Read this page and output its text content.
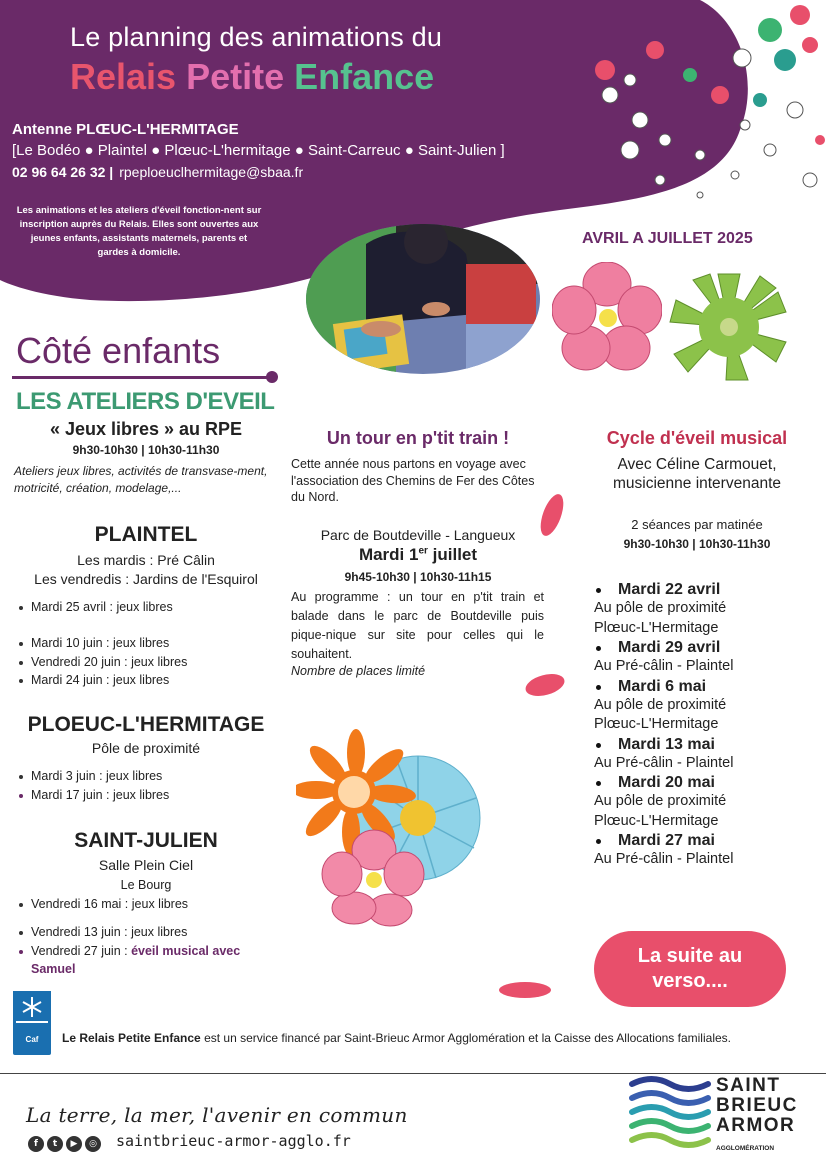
Le planning des animations du
Relais Petite Enfance
Antenne PLŒUC-L'HERMITAGE
[Le Bodéo ● Plaintel ● Plœuc-L'hermitage ● Saint-Carreuc ● Saint-Julien ]
02 96 64 26 32 | rpeploeuclhermitage@sbaa.fr
Les animations et les ateliers d'éveil fonction-nent sur inscription auprès du Relais. Elles sont ouvertes aux jeunes enfants, assistants maternels, parents et gardes à domicile.
AVRIL A JUILLET 2025
Côté enfants
LES ATELIERS D'EVEIL
« Jeux libres » au RPE
9h30-10h30 | 10h30-11h30
Ateliers jeux libres, activités de transvase-ment, motricité, création, modelage,...
PLAINTEL
Les mardis : Pré Câlin
Les vendredis : Jardins de l'Esquirol
Mardi 25 avril : jeux libres
Mardi 10 juin : jeux libres
Vendredi 20 juin : jeux libres
Mardi 24 juin : jeux libres
PLOEUC-L'HERMITAGE
Pôle de proximité
Mardi 3 juin : jeux libres
Mardi 17 juin : jeux libres
SAINT-JULIEN
Salle Plein Ciel
Le Bourg
Vendredi 16 mai : jeux libres
Vendredi 13 juin : jeux libres
Vendredi 27 juin : éveil musical avec Samuel
Un tour en p'tit train !
Cette année nous partons en voyage avec l'association des Chemins de Fer des Côtes du Nord.
Parc de Boutdeville - Langueux
Mardi 1er juillet
9h45-10h30 | 10h30-11h15
Au programme : un tour en p'tit train et balade dans le parc de Boutdeville puis pique-nique sur site pour celles qui le souhaitent.
Nombre de places limité
Cycle d'éveil musical
Avec Céline Carmouet,
musicienne intervenante
2 séances par matinée
9h30-10h30 | 10h30-11h30
Mardi 22 avril
Au pôle de proximité
Plœuc-L'Hermitage
Mardi 29 avril
Au Pré-câlin - Plaintel
Mardi 6 mai
Au pôle de proximité
Plœuc-L'Hermitage
Mardi 13 mai
Au Pré-câlin - Plaintel
Mardi 20 mai
Au pôle de proximité
Plœuc-L'Hermitage
Mardi 27 mai
Au Pré-câlin - Plaintel
La suite au
verso....
Caf	Le Relais Petite Enfance est un service financé par Saint-Brieuc Armor Agglomération et la Caisse des Allocations familiales.
La terre, la mer, l'avenir en commun
f	t	▶	◎ saintbrieuc-armor-agglo.fr
SAINT
BRIEUC
ARMOR
AGGLOMÉRATION
